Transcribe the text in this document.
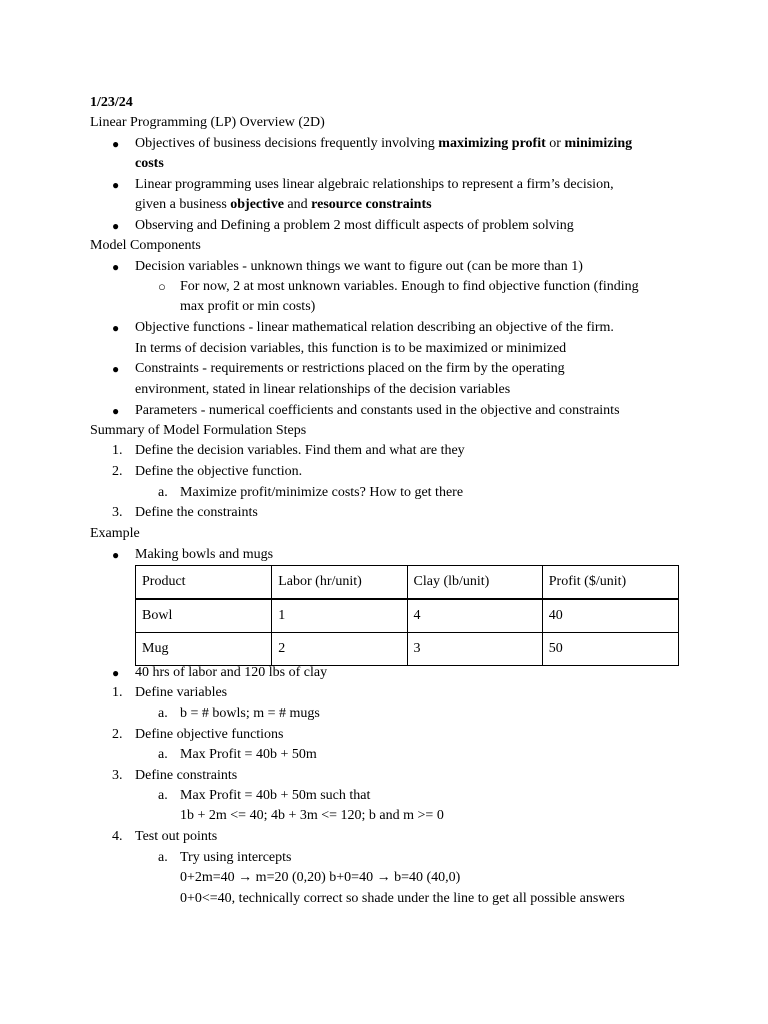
1/23/24
Linear Programming (LP) Overview (2D)
● Objectives of business decisions frequently involving maximizing profit or minimizing
costs
● Linear programming uses linear algebraic relationships to represent a firm’s decision,
given a business objective and resource constraints
● Observing and Defining a problem 2 most difficult aspects of problem solving
Model Components
● Decision variables - unknown things we want to figure out (can be more than 1)
○ For now, 2 at most unknown variables. Enough to find objective function (finding
max profit or min costs)
● Objective functions - linear mathematical relation describing an objective of the firm.
In terms of decision variables, this function is to be maximized or minimized
● Constraints - requirements or restrictions placed on the firm by the operating
environment, stated in linear relationships of the decision variables
● Parameters - numerical coefficients and constants used in the objective and constraints
Summary of Model Formulation Steps
1. Define the decision variables. Find them and what are they
2. Define the objective function.
a. Maximize profit/minimize costs? How to get there
3. Define the constraints
Example
● Making bowls and mugs
Product	Labor (hr/unit)	Clay (lb/unit)	Profit ($/unit)
Bowl	1	4	40
Mug	2	3	50
● 40 hrs of labor and 120 lbs of clay
1. Define variables
a. b = # bowls; m = # mugs
2. Define objective functions
a. Max Profit = 40b + 50m
3. Define constraints
a. Max Profit = 40b + 50m such that
1b + 2m <= 40; 4b + 3m <= 120; b and m >= 0
4. Test out points
a. Try using intercepts
0+2m=40 → m=20 (0,20) b+0=40 → b=40 (40,0)
0+0<=40, technically correct so shade under the line to get all possible answers
